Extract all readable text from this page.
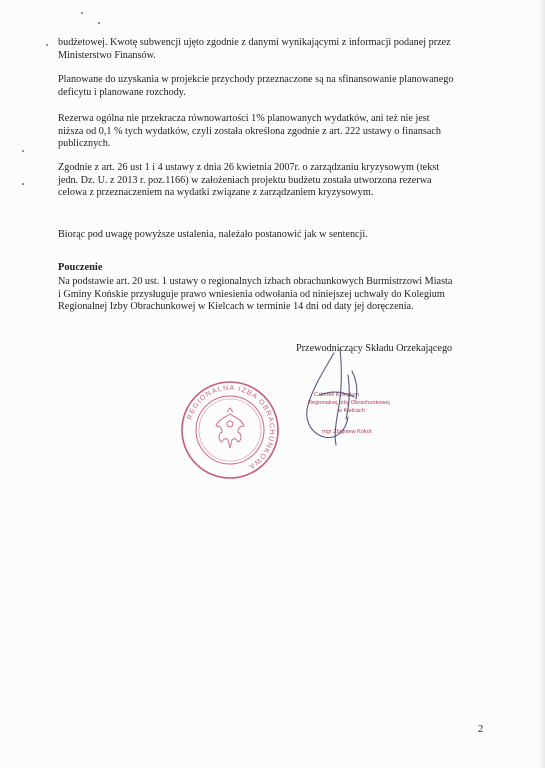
budżetowej. Kwotę subwencji ujęto zgodnie z danymi wynikającymi z informacji podanej przez
Ministerstwo Finansów.

Planowane do uzyskania w projekcie przychody przeznaczone są na sfinansowanie planowanego
deficytu i planowane rozchody.

Rezerwa ogólna nie przekracza równowartości 1% planowanych wydatków, ani też nie jest
niższa od 0,1 % tych wydatków, czyli została określona zgodnie z art. 222 ustawy o finansach
publicznych.

Zgodnie z art. 26 ust 1 i 4 ustawy z dnia 26 kwietnia 2007r. o zarządzaniu kryzysowym (tekst
jedn. Dz. U. z 2013 r. poz.1166) w założeniach projektu budżetu została utworzona rezerwa
celowa z przeznaczeniem na wydatki związane z zarządzaniem kryzysowym.

Biorąc pod uwagę powyższe ustalenia, należało postanowić jak w sentencji.

Pouczenie

Na podstawie art. 20 ust. 1 ustawy o regionalnych izbach obrachunkowych Burmistrzowi Miasta
i Gminy Końskie przysługuje prawo wniesienia odwołania od niniejszej uchwały do Kolegium
Regionalnej Izby Obrachunkowej w Kielcach w terminie 14 dni od daty jej doręczenia.

Przewodniczący Składu Orzekającego
REGIONALNA IZBA OBRACHUNKOWA
Członek Kolegium
Regionalnej Izby Obrachunkowej
w Kielcach
mgr Zbigniew Kokot
2
